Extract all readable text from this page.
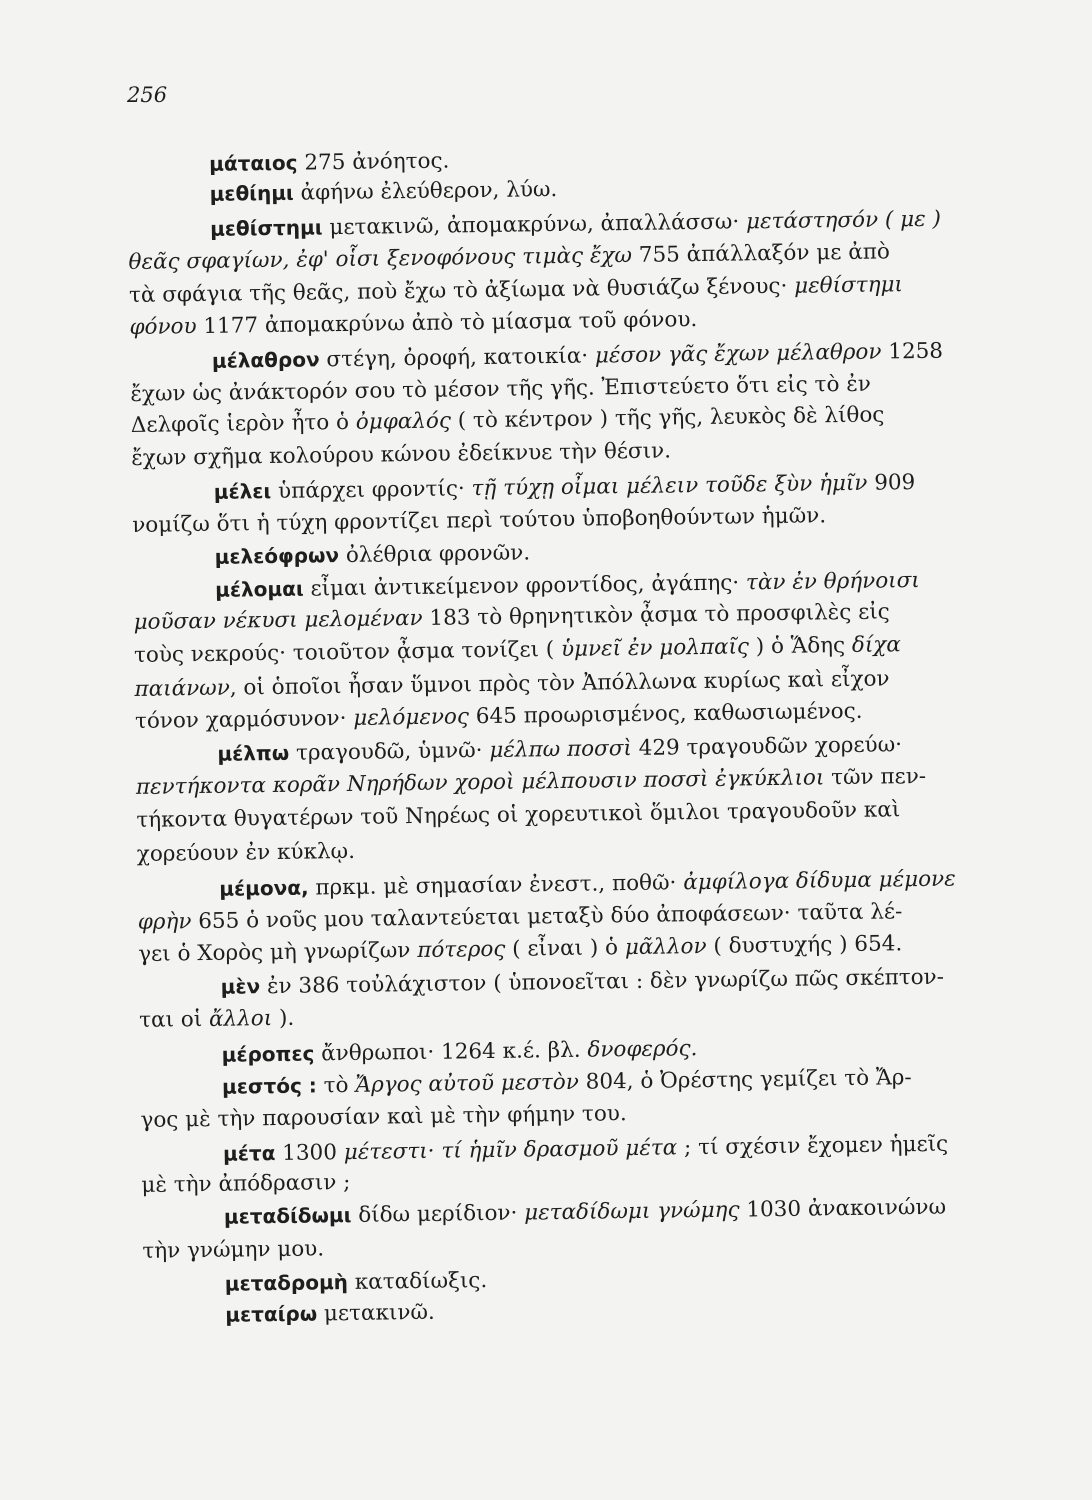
256
μάταιος 275 ἀνόητος.
μεθίημι ἀφήνω ἐλεύθερον, λύω.
μεθίστημι μετακινῶ, ἀπομακρύνω, ἀπαλλάσσω· μετάστησόν ( με )
θεᾶς σφαγίων, ἐφ' οἷσι ξενοφόνους τιμὰς ἔχω 755 ἀπάλλαξόν με ἀπὸ
τὰ σφάγια τῆς θεᾶς, ποὺ ἔχω τὸ ἀξίωμα νὰ θυσιάζω ξένους· μεθίστημι
φόνου 1177 ἀπομακρύνω ἀπὸ τὸ μίασμα τοῦ φόνου.
μέλαθρον στέγη, ὀροφή, κατοικία· μέσον γᾶς ἔχων μέλαθρον 1258
ἔχων ὡς ἀνάκτορόν σου τὸ μέσον τῆς γῆς. Ἐπιστεύετο ὅτι εἰς τὸ ἐν
Δελφοῖς ἱερὸν ἦτο ὁ ὀμφαλός ( τὸ κέντρον ) τῆς γῆς, λευκὸς δὲ λίθος
ἔχων σχῆμα κολούρου κώνου ἐδείκνυε τὴν θέσιν.
μέλει ὑπάρχει φροντίς· τῇ τύχῃ οἶμαι μέλειν τοῦδε ξὺν ἡμῖν 909
νομίζω ὅτι ἡ τύχη φροντίζει περὶ τούτου ὑποβοηθούντων ἡμῶν.
μελεόφρων ὀλέθρια φρονῶν.
μέλομαι εἶμαι ἀντικείμενον φροντίδος, ἀγάπης· τὰν ἐν θρήνοισι
μοῦσαν νέκυσι μελομέναν 183 τὸ θρηνητικὸν ᾆσμα τὸ προσφιλὲς εἰς
τοὺς νεκρούς· τοιοῦτον ᾆσμα τονίζει ( ὑμνεῖ ἐν μολπαῖς ) ὁ Ἅδης δίχα
παιάνων, οἱ ὁποῖοι ἦσαν ὕμνοι πρὸς τὸν Ἀπόλλωνα κυρίως καὶ εἶχον
τόνον χαρμόσυνον· μελόμενος 645 προωρισμένος, καθωσιωμένος.
μέλπω τραγουδῶ, ὑμνῶ· μέλπω ποσσὶ 429 τραγουδῶν χορεύω·
πεντήκοντα κορᾶν Νηρήδων χοροὶ μέλπουσιν ποσσὶ ἐγκύκλιοι τῶν πεν-
τήκοντα θυγατέρων τοῦ Νηρέως οἱ χορευτικοὶ ὅμιλοι τραγουδοῦν καὶ
χορεύουν ἐν κύκλῳ.
μέμονα, πρκμ. μὲ σημασίαν ἐνεστ., ποθῶ· ἀμφίλογα δίδυμα μέμονε
φρὴν 655 ὁ νοῦς μου ταλαντεύεται μεταξὺ δύο ἀποφάσεων· ταῦτα λέ-
γει ὁ Χορὸς μὴ γνωρίζων πότερος ( εἶναι ) ὁ μᾶλλον ( δυστυχής ) 654.
μὲν ἐν 386 τοὐλάχιστον ( ὑπονοεῖται : δὲν γνωρίζω πῶς σκέπτον-
ται οἱ ἄλλοι ).
μέροπες ἄνθρωποι· 1264 κ.έ. βλ. δνοφερός.
μεστός : τὸ Ἄργος αὐτοῦ μεστὸν 804, ὁ Ὀρέστης γεμίζει τὸ Ἄρ-
γος μὲ τὴν παρουσίαν καὶ μὲ τὴν φήμην του.
μέτα 1300 μέτεστι· τί ἡμῖν δρασμοῦ μέτα ; τί σχέσιν ἔχομεν ἡμεῖς
μὲ τὴν ἀπόδρασιν ;
μεταδίδωμι δίδω μερίδιον· μεταδίδωμι γνώμης 1030 ἀνακοινώνω
τὴν γνώμην μου.
μεταδρομὴ καταδίωξις.
μεταίρω μετακινῶ.
